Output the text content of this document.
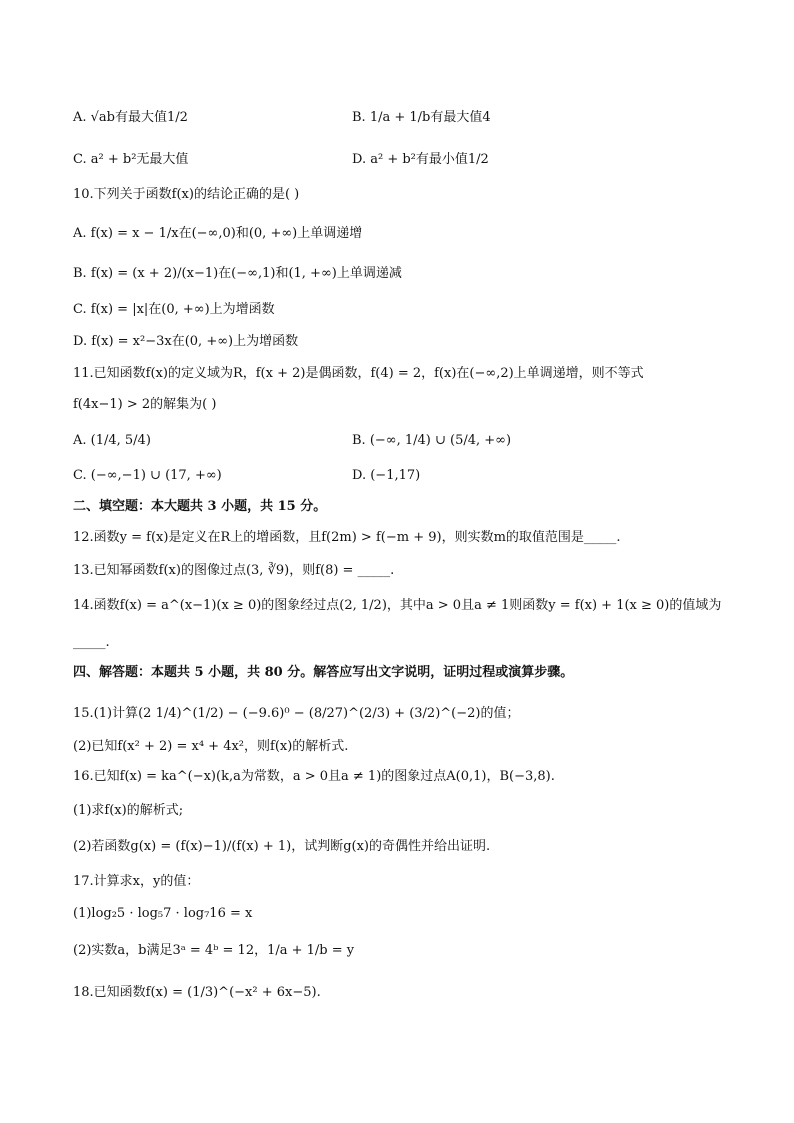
A. √ab有最大值1/2	B. 1/a + 1/b有最大值4
C. a² + b²无最大值	D. a² + b²有最小值1/2
10.下列关于函数f(x)的结论正确的是( )
A. f(x) = x − 1/x在(−∞,0)和(0, +∞)上单调递增
B. f(x) = (x + 2)/(x−1)在(−∞,1)和(1, +∞)上单调递减
C. f(x) = |x|在(0, +∞)上为增函数
D. f(x) = x²−3x在(0, +∞)上为增函数
11.已知函数f(x)的定义域为R，f(x + 2)是偶函数，f(4) = 2，f(x)在(−∞,2)上单调递增，则不等式
f(4x−1) > 2的解集为( )
A. (1/4, 5/4)	B. (−∞, 1/4) ∪ (5/4, +∞)
C. (−∞,−1) ∪ (17, +∞)	D. (−1,17)
二、填空题：本大题共 3 小题，共 15 分。
12.函数y = f(x)是定义在R上的增函数，且f(2m) > f(−m + 9)，则实数m的取值范围是_____.
13.已知幂函数f(x)的图像过点(3, ∛9)，则f(8) = _____.
14.函数f(x) = a^(x−1)(x ≥ 0)的图象经过点(2, 1/2)，其中a > 0且a ≠ 1则函数y = f(x) + 1(x ≥ 0)的值域为
_____.
四、解答题：本题共 5 小题，共 80 分。解答应写出文字说明，证明过程或演算步骤。
15.(1)计算(2 1/4)^(1/2) − (−9.6)⁰ − (8/27)^(2/3) + (3/2)^(−2)的值；
(2)已知f(x² + 2) = x⁴ + 4x²，则f(x)的解析式.
16.已知f(x) = ka^(−x)(k,a为常数，a > 0且a ≠ 1)的图象过点A(0,1)，B(−3,8).
(1)求f(x)的解析式;
(2)若函数g(x) = (f(x)−1)/(f(x) + 1)，试判断g(x)的奇偶性并给出证明.
17.计算求x，y的值：
(1)log₂5 · log₅7 · log₇16 = x
(2)实数a，b满足3ᵃ = 4ᵇ = 12，1/a + 1/b = y
18.已知函数f(x) = (1/3)^(−x² + 6x−5).
